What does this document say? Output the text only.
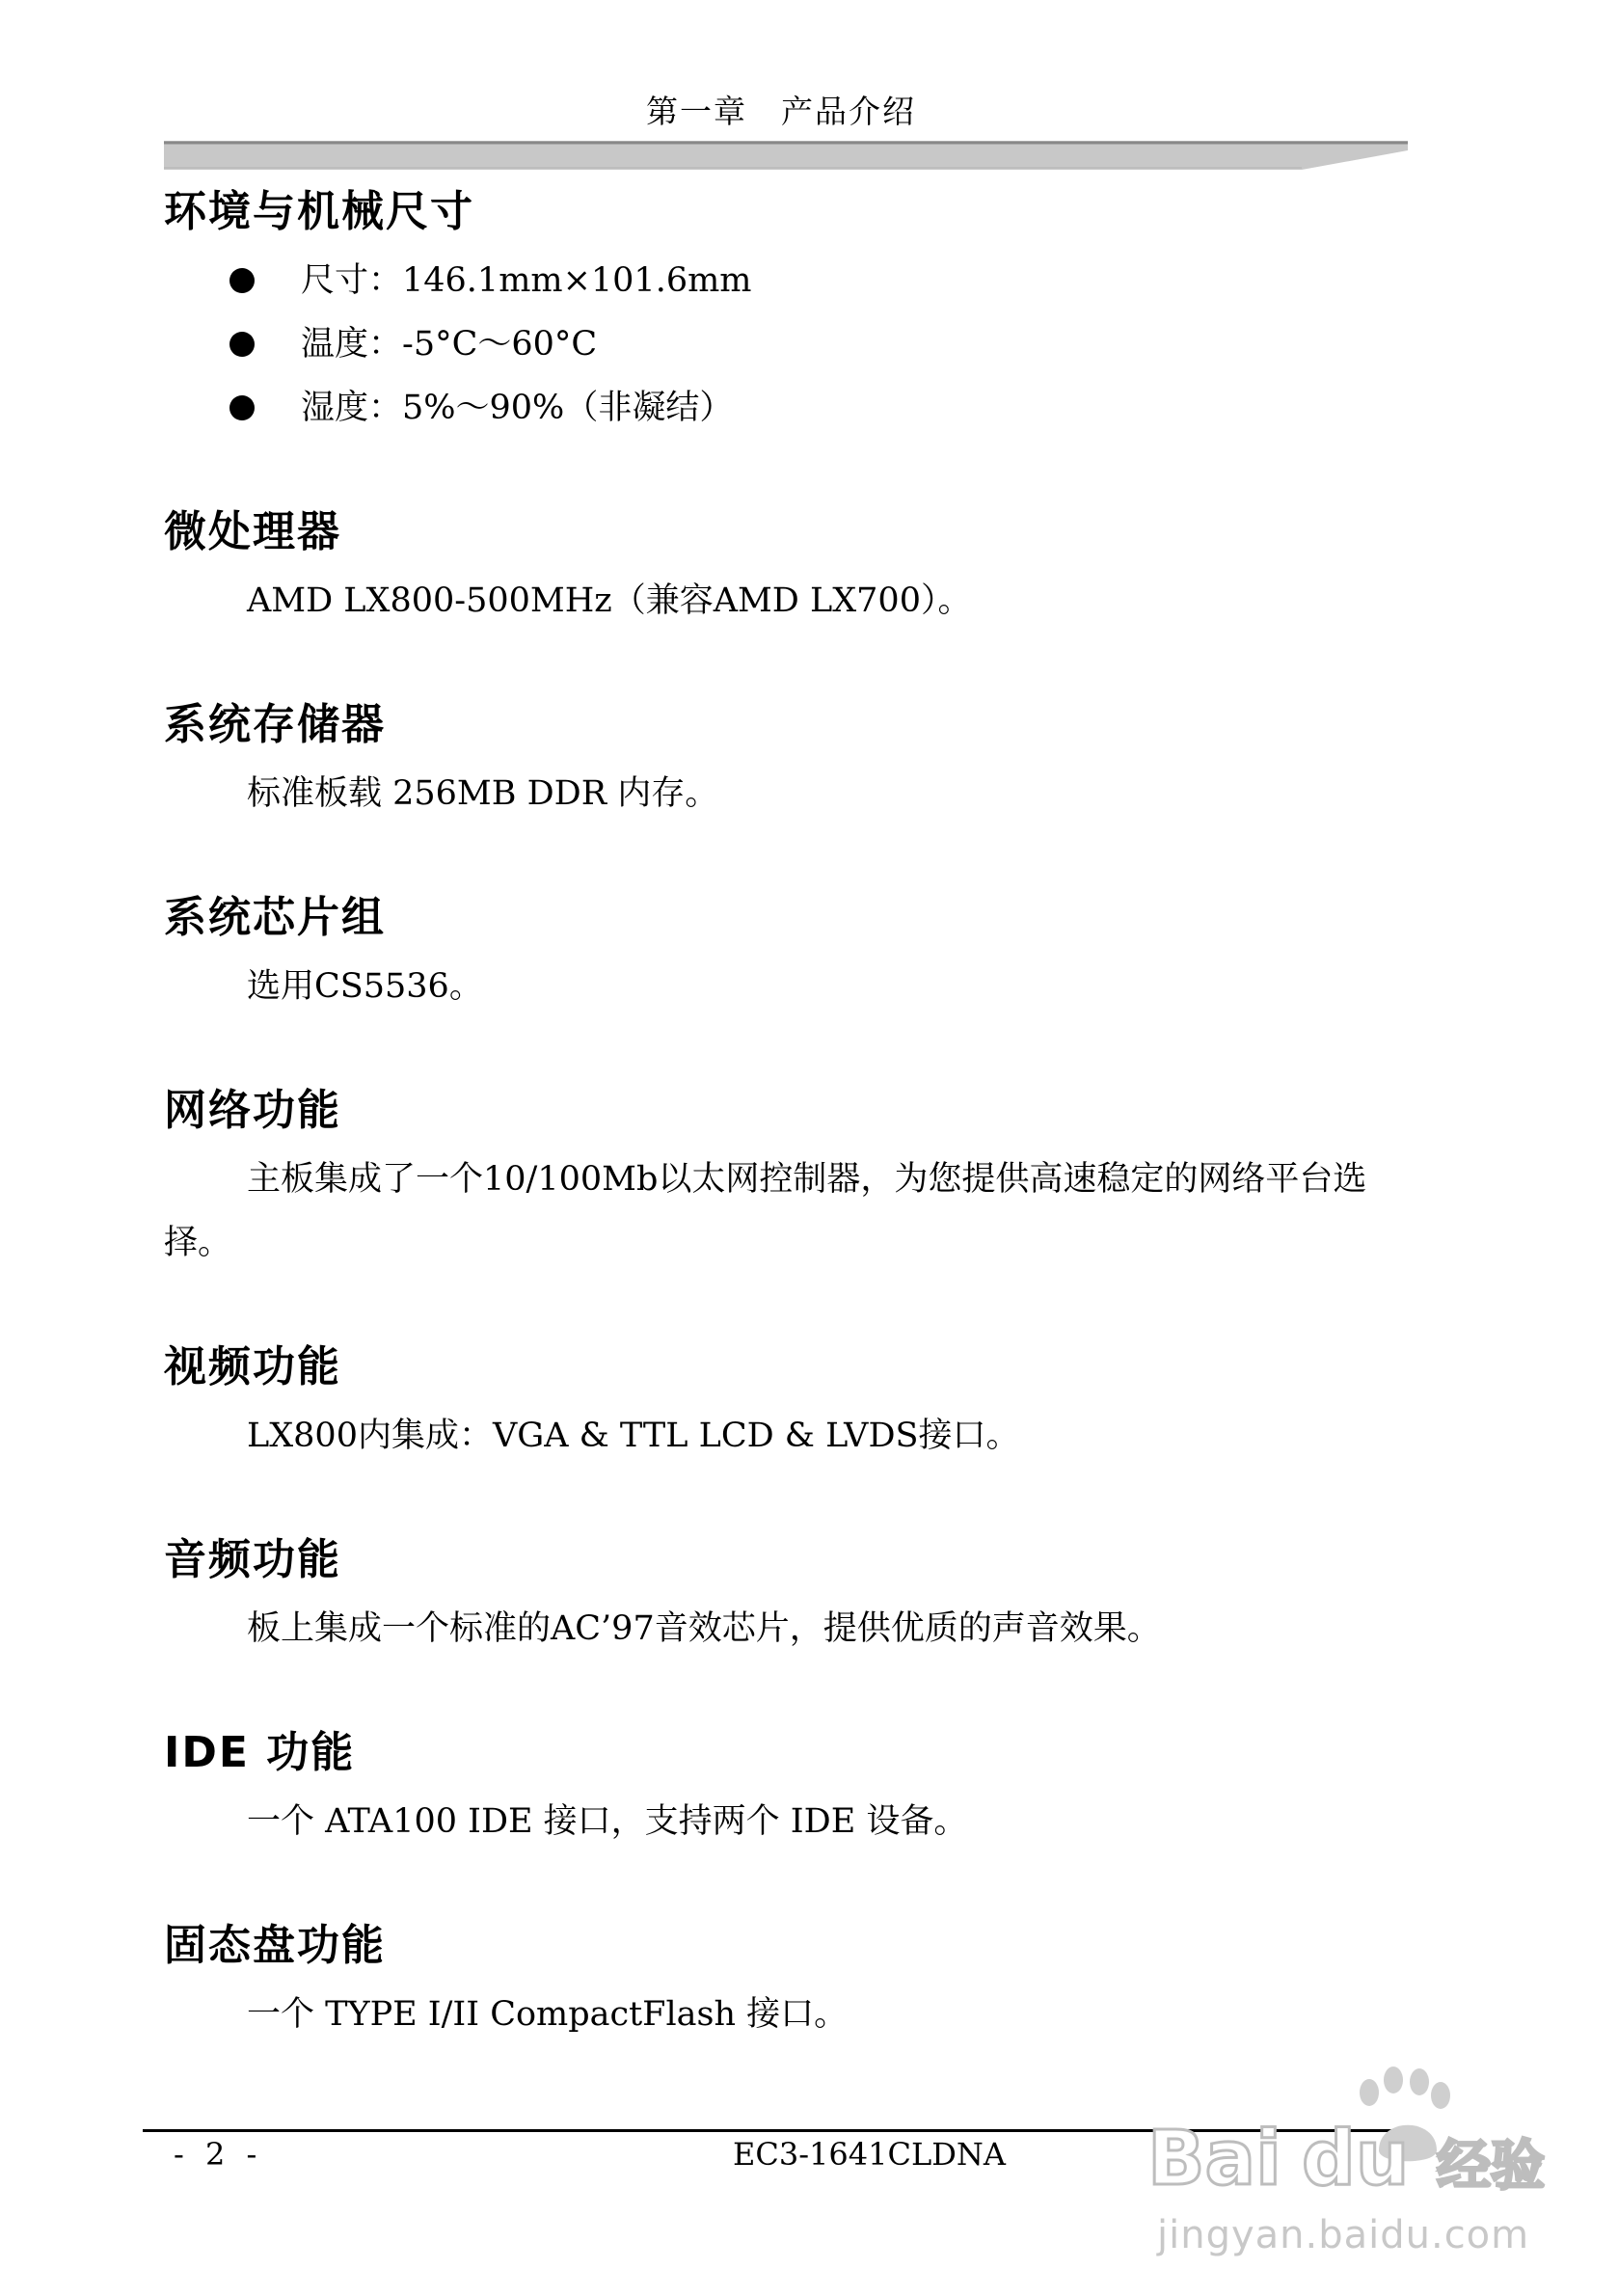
第一章　产品介绍
环境与机械尺寸
尺寸：146.1mm×101.6mm
温度：-5°C～60°C
湿度：5%～90%（非凝结）
微处理器

AMD LX800-500MHz（兼容AMD LX700）。

系统存储器

标准板载 256MB DDR 内存。

系统芯片组

选用CS5536。

网络功能

主板集成了一个10/100Mb以太网控制器，为您提供高速稳定的网络平台选择。

视频功能

LX800内集成：VGA & TTL LCD & LVDS接口。

音频功能

板上集成一个标准的AC’97音效芯片，提供优质的声音效果。

IDE 功能

一个 ATA100 IDE 接口，支持两个 IDE 设备。

固态盘功能

一个 TYPE I/II CompactFlash 接口。

- 2 -	EC3-1641CLDNA Bai du 经验
jingyan.baidu.com
